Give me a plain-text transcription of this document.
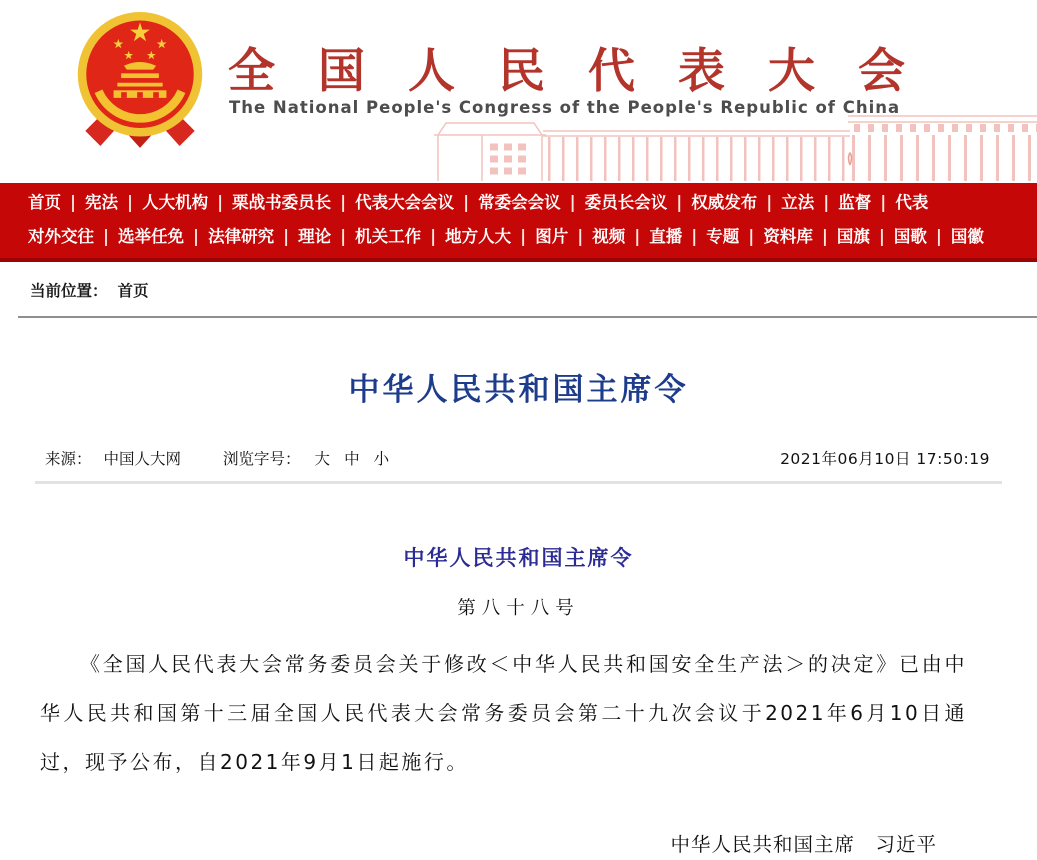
全国人民代表大会
The National People's Congress of the People's Republic of China
首页 | 宪法 | 人大机构 | 栗战书委员长 | 代表大会会议 | 常委会会议 | 委员长会议 | 权威发布 | 立法 | 监督 | 代表
对外交往 | 选举任免 | 法律研究 | 理论 | 机关工作 | 地方人大 | 图片 | 视频 | 直播 | 专题 | 资料库 | 国旗 | 国歌 | 国徽
当前位置： 首页
中华人民共和国主席令
来源： 中国人大网	浏览字号： 大 中 小	2021年06月10日 17:50:19
中华人民共和国主席令
第八十八号

《全国人民代表大会常务委员会关于修改＜中华人民共和国安全生产法＞的决定》已由中华人民共和国第十三届全国人民代表大会常务委员会第二十九次会议于2021年6月10日通过，现予公布，自2021年9月1日起施行。

中华人民共和国主席　习近平
